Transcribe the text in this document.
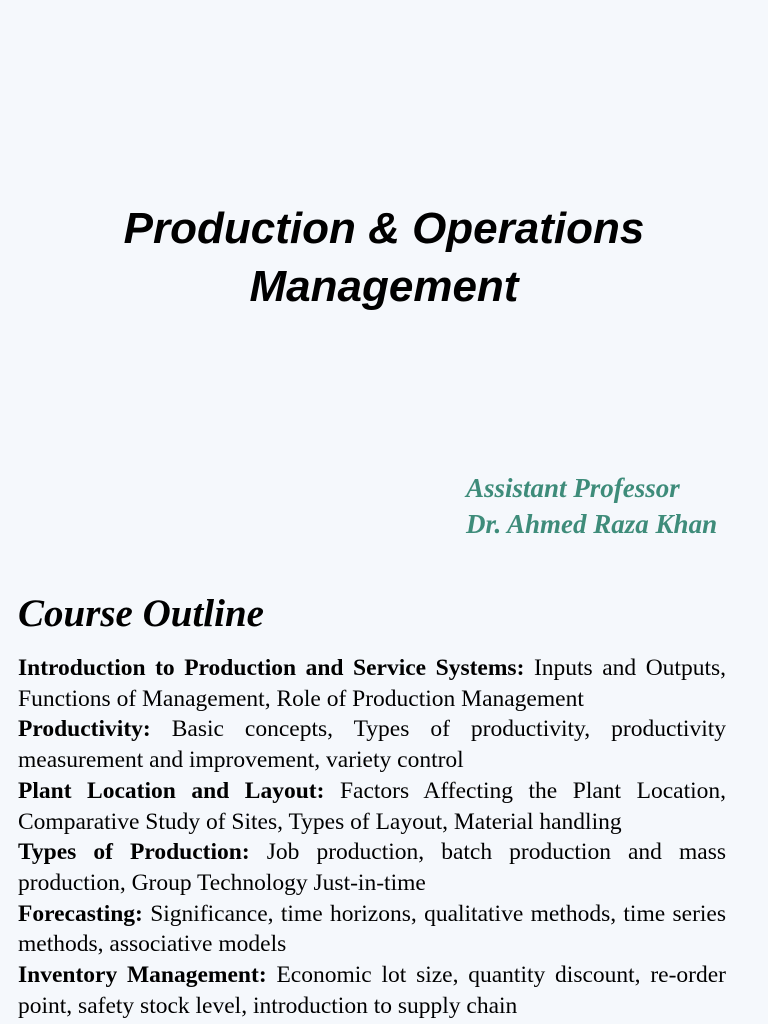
Production & Operations
Management
Assistant Professor
Dr. Ahmed Raza Khan
Course Outline

Introduction to Production and Service Systems: Inputs and Outputs, Functions of Management, Role of Production Management

Productivity: Basic concepts, Types of productivity, productivity measurement and improvement, variety control

Plant Location and Layout: Factors Affecting the Plant Location, Comparative Study of Sites, Types of Layout, Material handling

Types of Production: Job production, batch production and mass production, Group Technology Just-in-time

Forecasting: Significance, time horizons, qualitative methods, time series methods, associative models

Inventory Management: Economic lot size, quantity discount, re-order point, safety stock level, introduction to supply chain
